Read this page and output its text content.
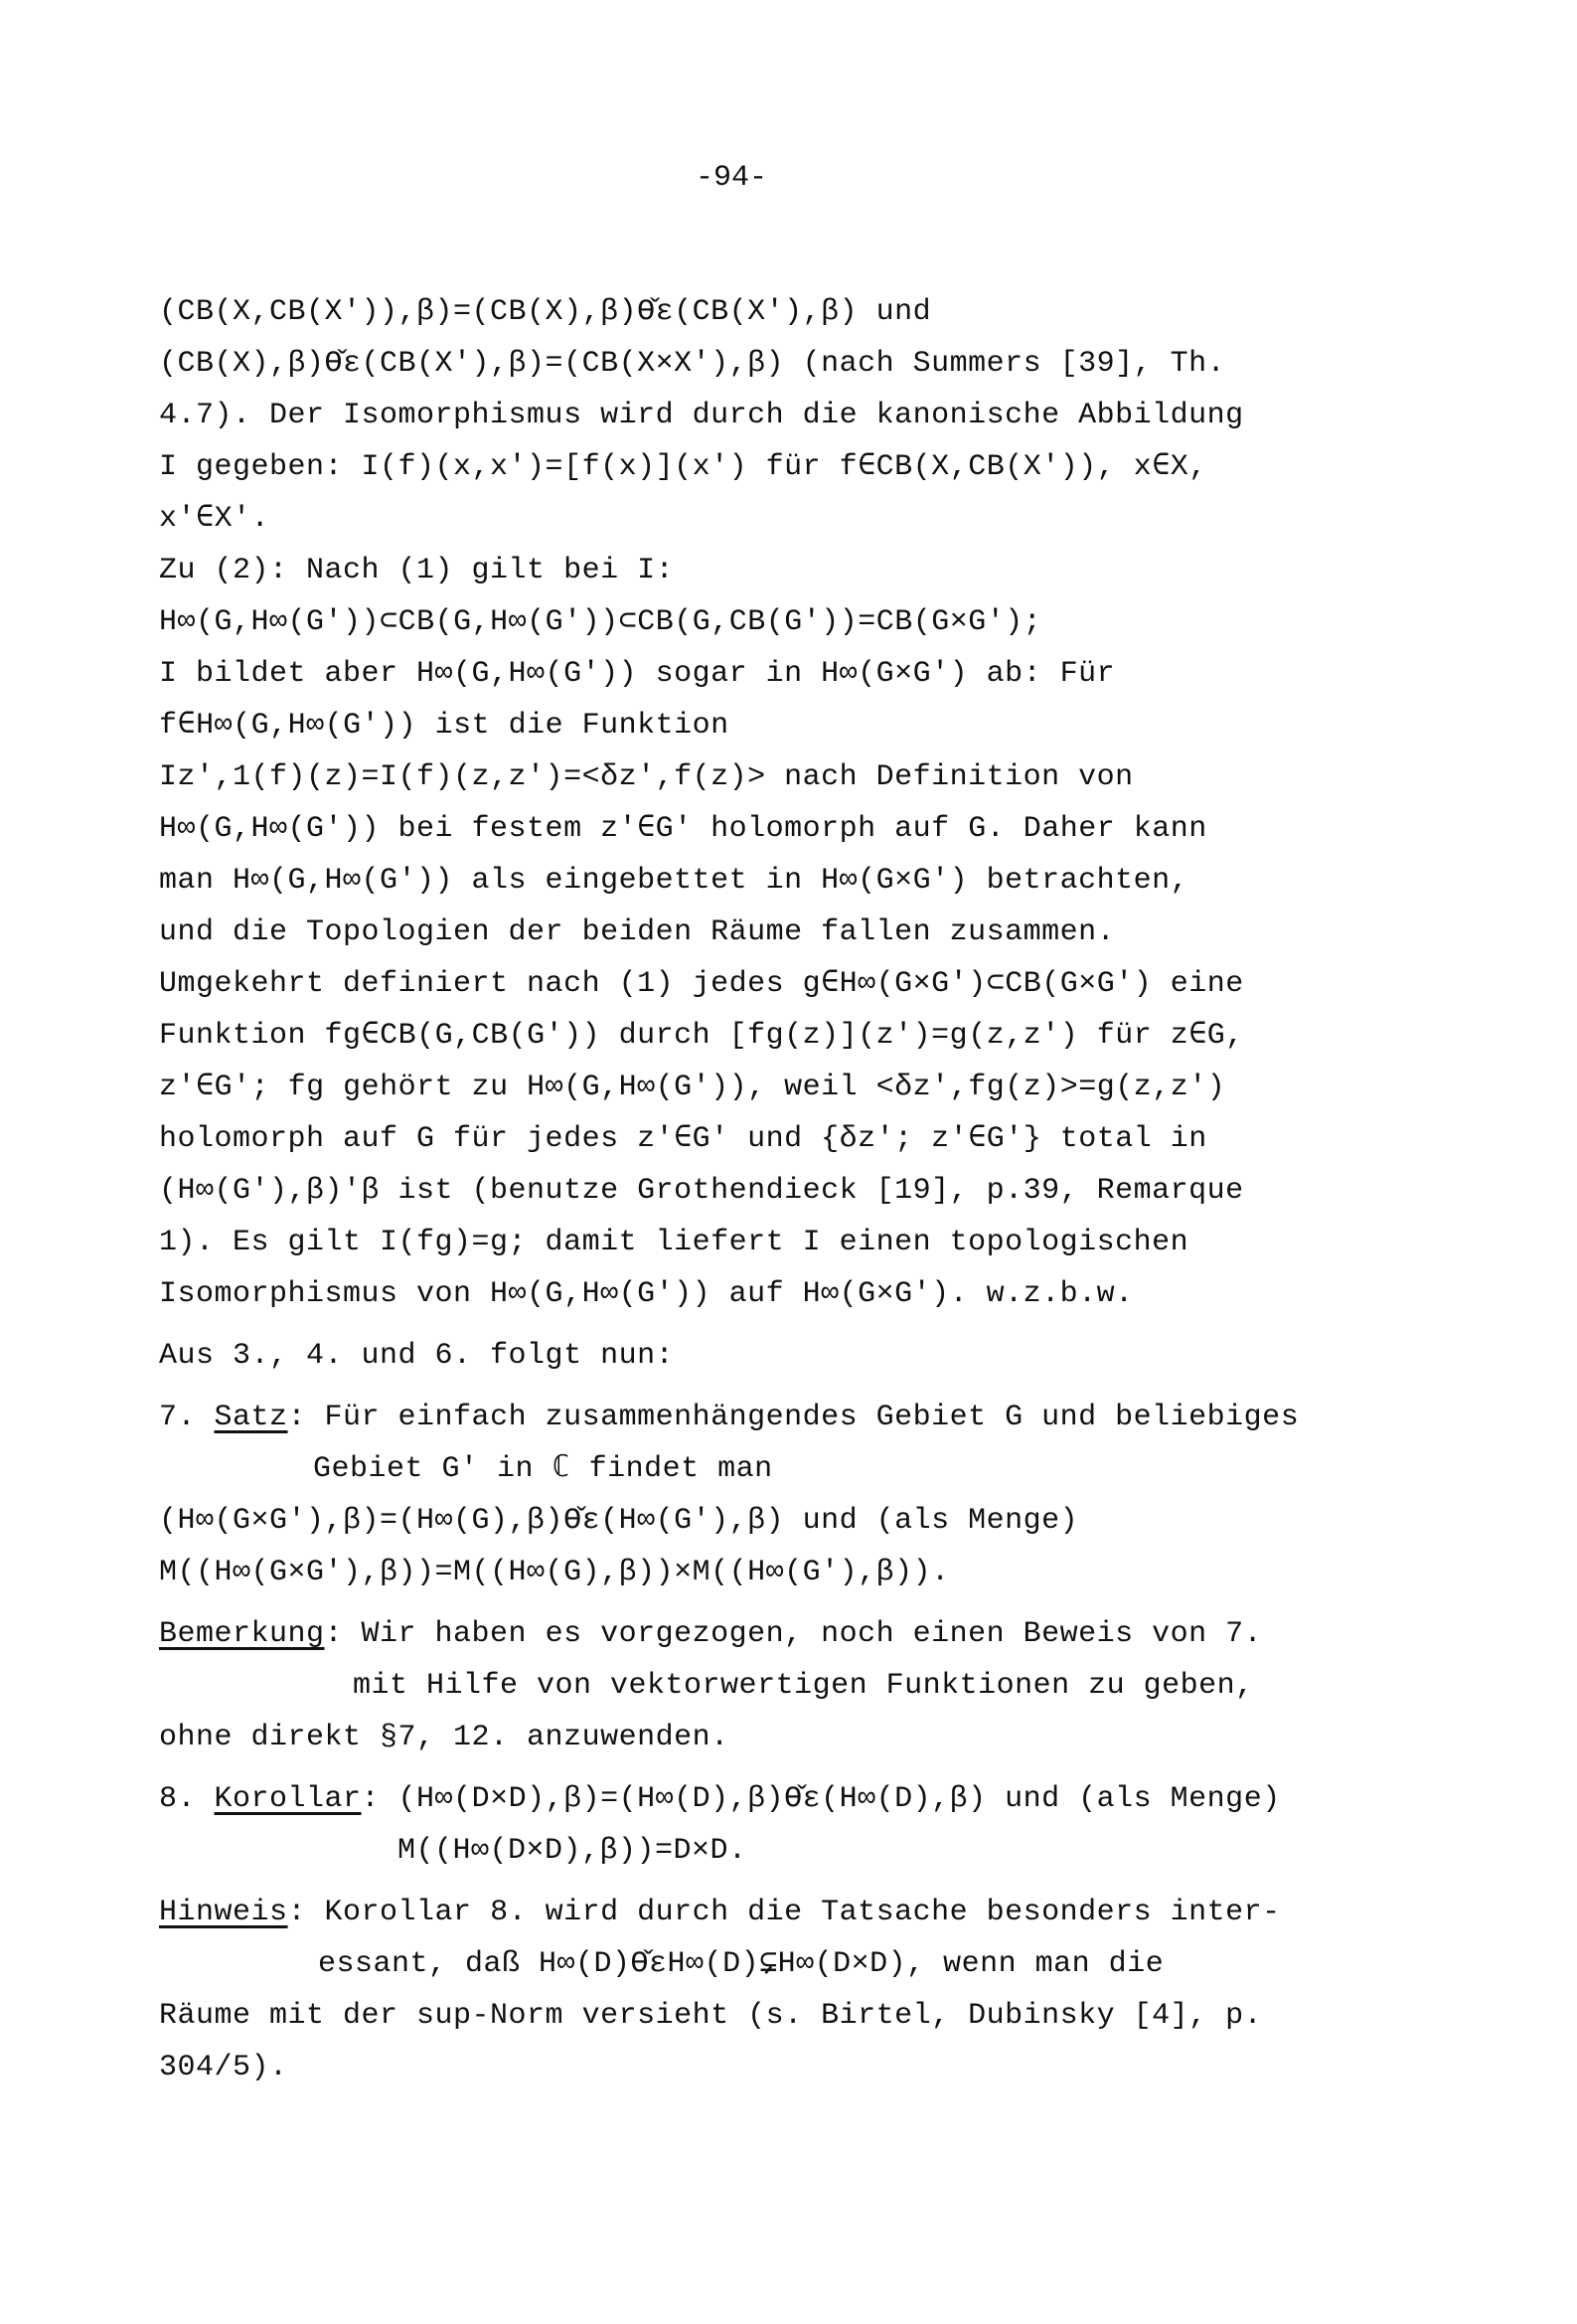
-94-
(CB(X,CB(X')),β)=(CB(X),β)ϴ̌ε(CB(X'),β) und
(CB(X),β)ϴ̌ε(CB(X'),β)=(CB(X×X'),β) (nach Summers [39], Th.
4.7). Der Isomorphismus wird durch die kanonische Abbildung
I gegeben: I(f)(x,x')=[f(x)](x') für f∈CB(X,CB(X')), x∈X,
x'∈X'.
Zu (2): Nach (1) gilt bei I:
H∞(G,H∞(G'))⊂CB(G,H∞(G'))⊂CB(G,CB(G'))=CB(G×G');
I bildet aber H∞(G,H∞(G')) sogar in H∞(G×G') ab: Für
f∈H∞(G,H∞(G')) ist die Funktion
Iz',1(f)(z)=I(f)(z,z')=<δz',f(z)> nach Definition von
H∞(G,H∞(G')) bei festem z'∈G' holomorph auf G. Daher kann
man H∞(G,H∞(G')) als eingebettet in H∞(G×G') betrachten,
und die Topologien der beiden Räume fallen zusammen.
Umgekehrt definiert nach (1) jedes g∈H∞(G×G')⊂CB(G×G') eine
Funktion fg∈CB(G,CB(G')) durch [fg(z)](z')=g(z,z') für z∈G,
z'∈G'; fg gehört zu H∞(G,H∞(G')), weil <δz',fg(z)>=g(z,z')
holomorph auf G für jedes z'∈G' und {δz'; z'∈G'} total in
(H∞(G'),β)'β ist (benutze Grothendieck [19], p.39, Remarque
1). Es gilt I(fg)=g; damit liefert I einen topologischen
Isomorphismus von H∞(G,H∞(G')) auf H∞(G×G'). w.z.b.w.
Aus 3., 4. und 6. folgt nun:
7. Satz: Für einfach zusammenhängendes Gebiet G und beliebiges
Gebiet G' in ℂ findet man
(H∞(G×G'),β)=(H∞(G),β)ϴ̌ε(H∞(G'),β) und (als Menge)
M((H∞(G×G'),β))=M((H∞(G),β))×M((H∞(G'),β)).
Bemerkung: Wir haben es vorgezogen, noch einen Beweis von 7.
mit Hilfe von vektorwertigen Funktionen zu geben,
ohne direkt §7, 12. anzuwenden.
8. Korollar: (H∞(D×D),β)=(H∞(D),β)ϴ̌ε(H∞(D),β) und (als Menge)
M((H∞(D×D),β))=D×D.
Hinweis: Korollar 8. wird durch die Tatsache besonders inter-
essant, daß H∞(D)ϴ̌εH∞(D)⊊H∞(D×D), wenn man die
Räume mit der sup-Norm versieht (s. Birtel, Dubinsky [4], p.
304/5).
